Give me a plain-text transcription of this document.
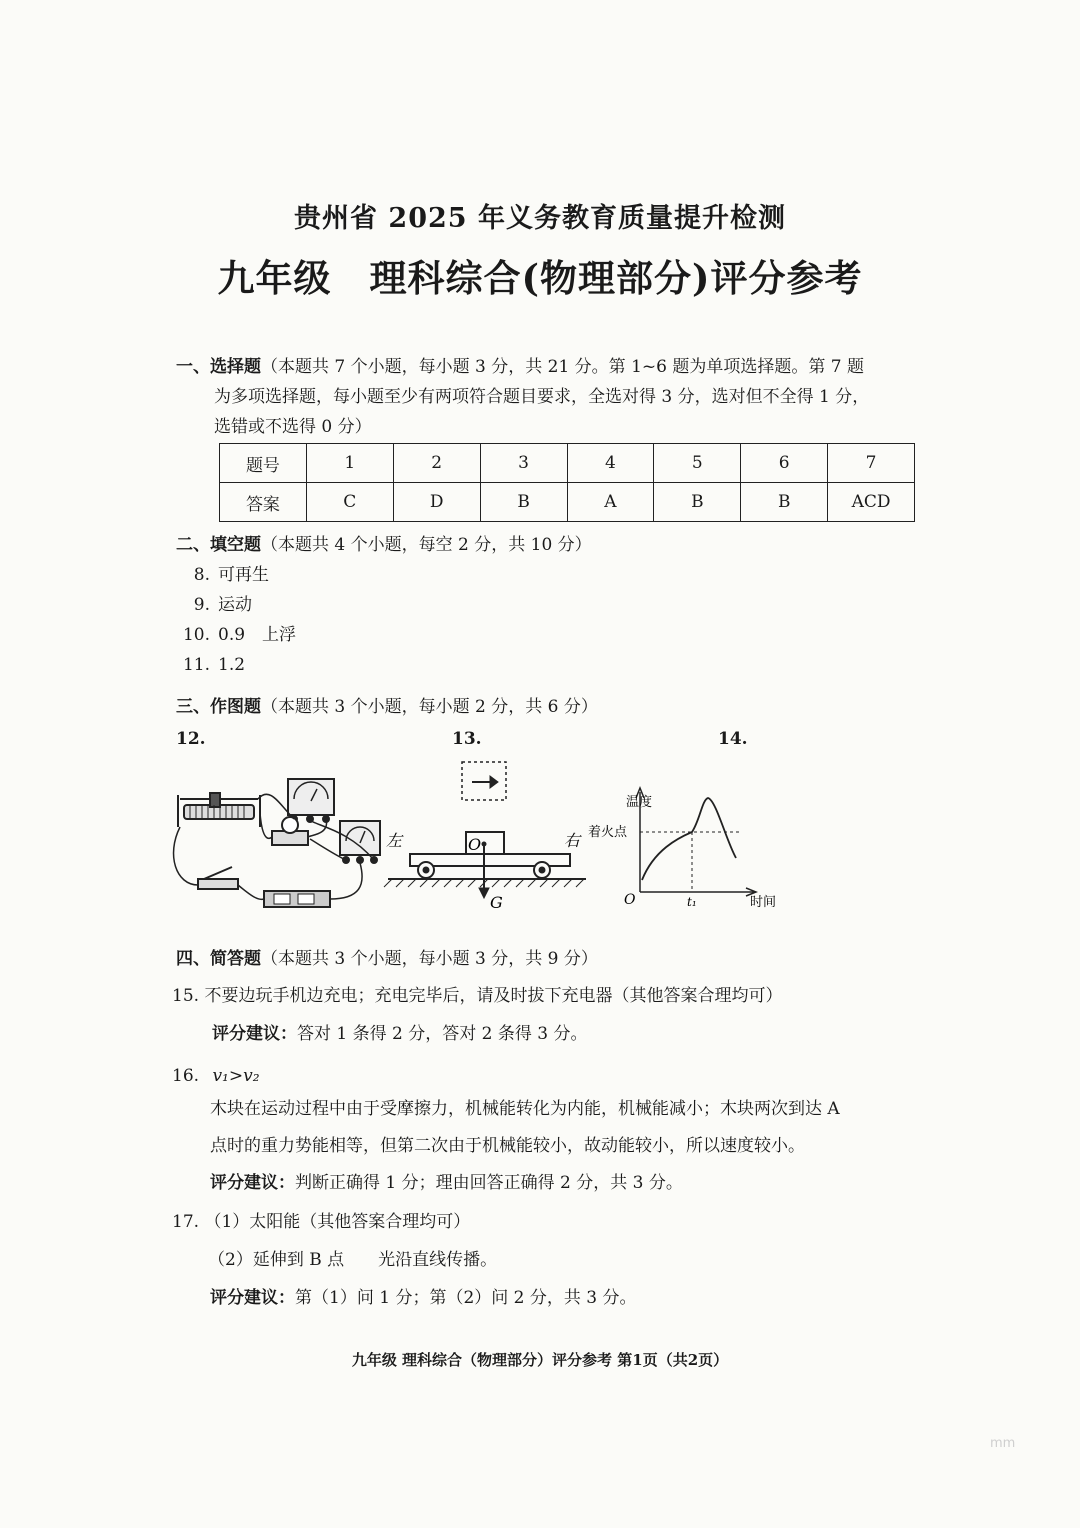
贵州省 2025 年义务教育质量提升检测
九年级　理科综合(物理部分)评分参考
一、选择题（本题共 7 个小题，每小题 3 分，共 21 分。第 1~6 题为单项选择题。第 7 题
为多项选择题，每小题至少有两项符合题目要求，全选对得 3 分，选对但不全得 1 分，
选错或不选得 0 分）
题号	1	2	3	4	5	6	7
答案	C	D	B	A	B	B	ACD
二、填空题（本题共 4 个小题，每空 2 分，共 10 分）
8. 可再生
9. 运动
10. 0.9　上浮
11. 1.2
三、作图题（本题共 3 个小题，每小题 2 分，共 6 分）
12.	13.	14.
左	右
O
G
温度
着火点
O	t₁	时间
四、简答题（本题共 3 个小题，每小题 3 分，共 9 分）
15. 不要边玩手机边充电；充电完毕后，请及时拔下充电器（其他答案合理均可）
评分建议：答对 1 条得 2 分，答对 2 条得 3 分。
16. v₁>v₂
木块在运动过程中由于受摩擦力，机械能转化为内能，机械能减小；木块两次到达 A
点时的重力势能相等，但第二次由于机械能较小，故动能较小，所以速度较小。
评分建议：判断正确得 1 分；理由回答正确得 2 分，共 3 分。
17. （1）太阳能（其他答案合理均可）
（2）延伸到 B 点　　光沿直线传播。
评分建议：第（1）问 1 分；第（2）问 2 分，共 3 分。
九年级 理科综合（物理部分）评分参考 第1页（共2页）
mm
